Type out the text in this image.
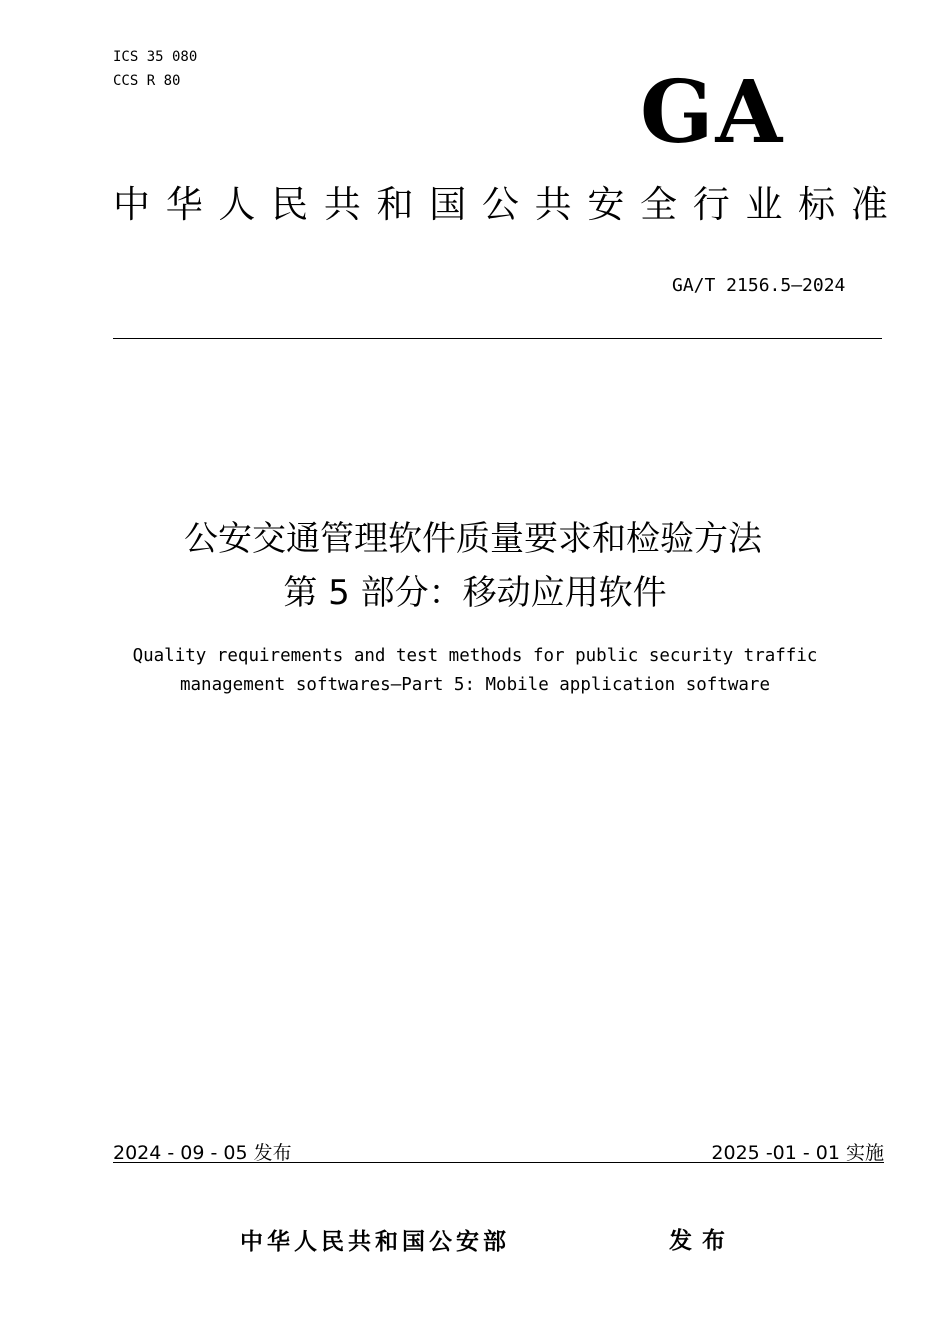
ICS 35 080
CCS R 80	GA
中 华 人 民 共 和 国 公 共 安 全 行 业 标 准
GA/T 2156.5—2024
公安交通管理软件质量要求和检验方法
第 5 部分：移动应用软件
Quality requirements and test methods for public security traffic
management softwares—Part 5: Mobile application software
2024 - 09 - 05 发布	2025 -01 - 01 实施
中华人民共和国公安部	发布
